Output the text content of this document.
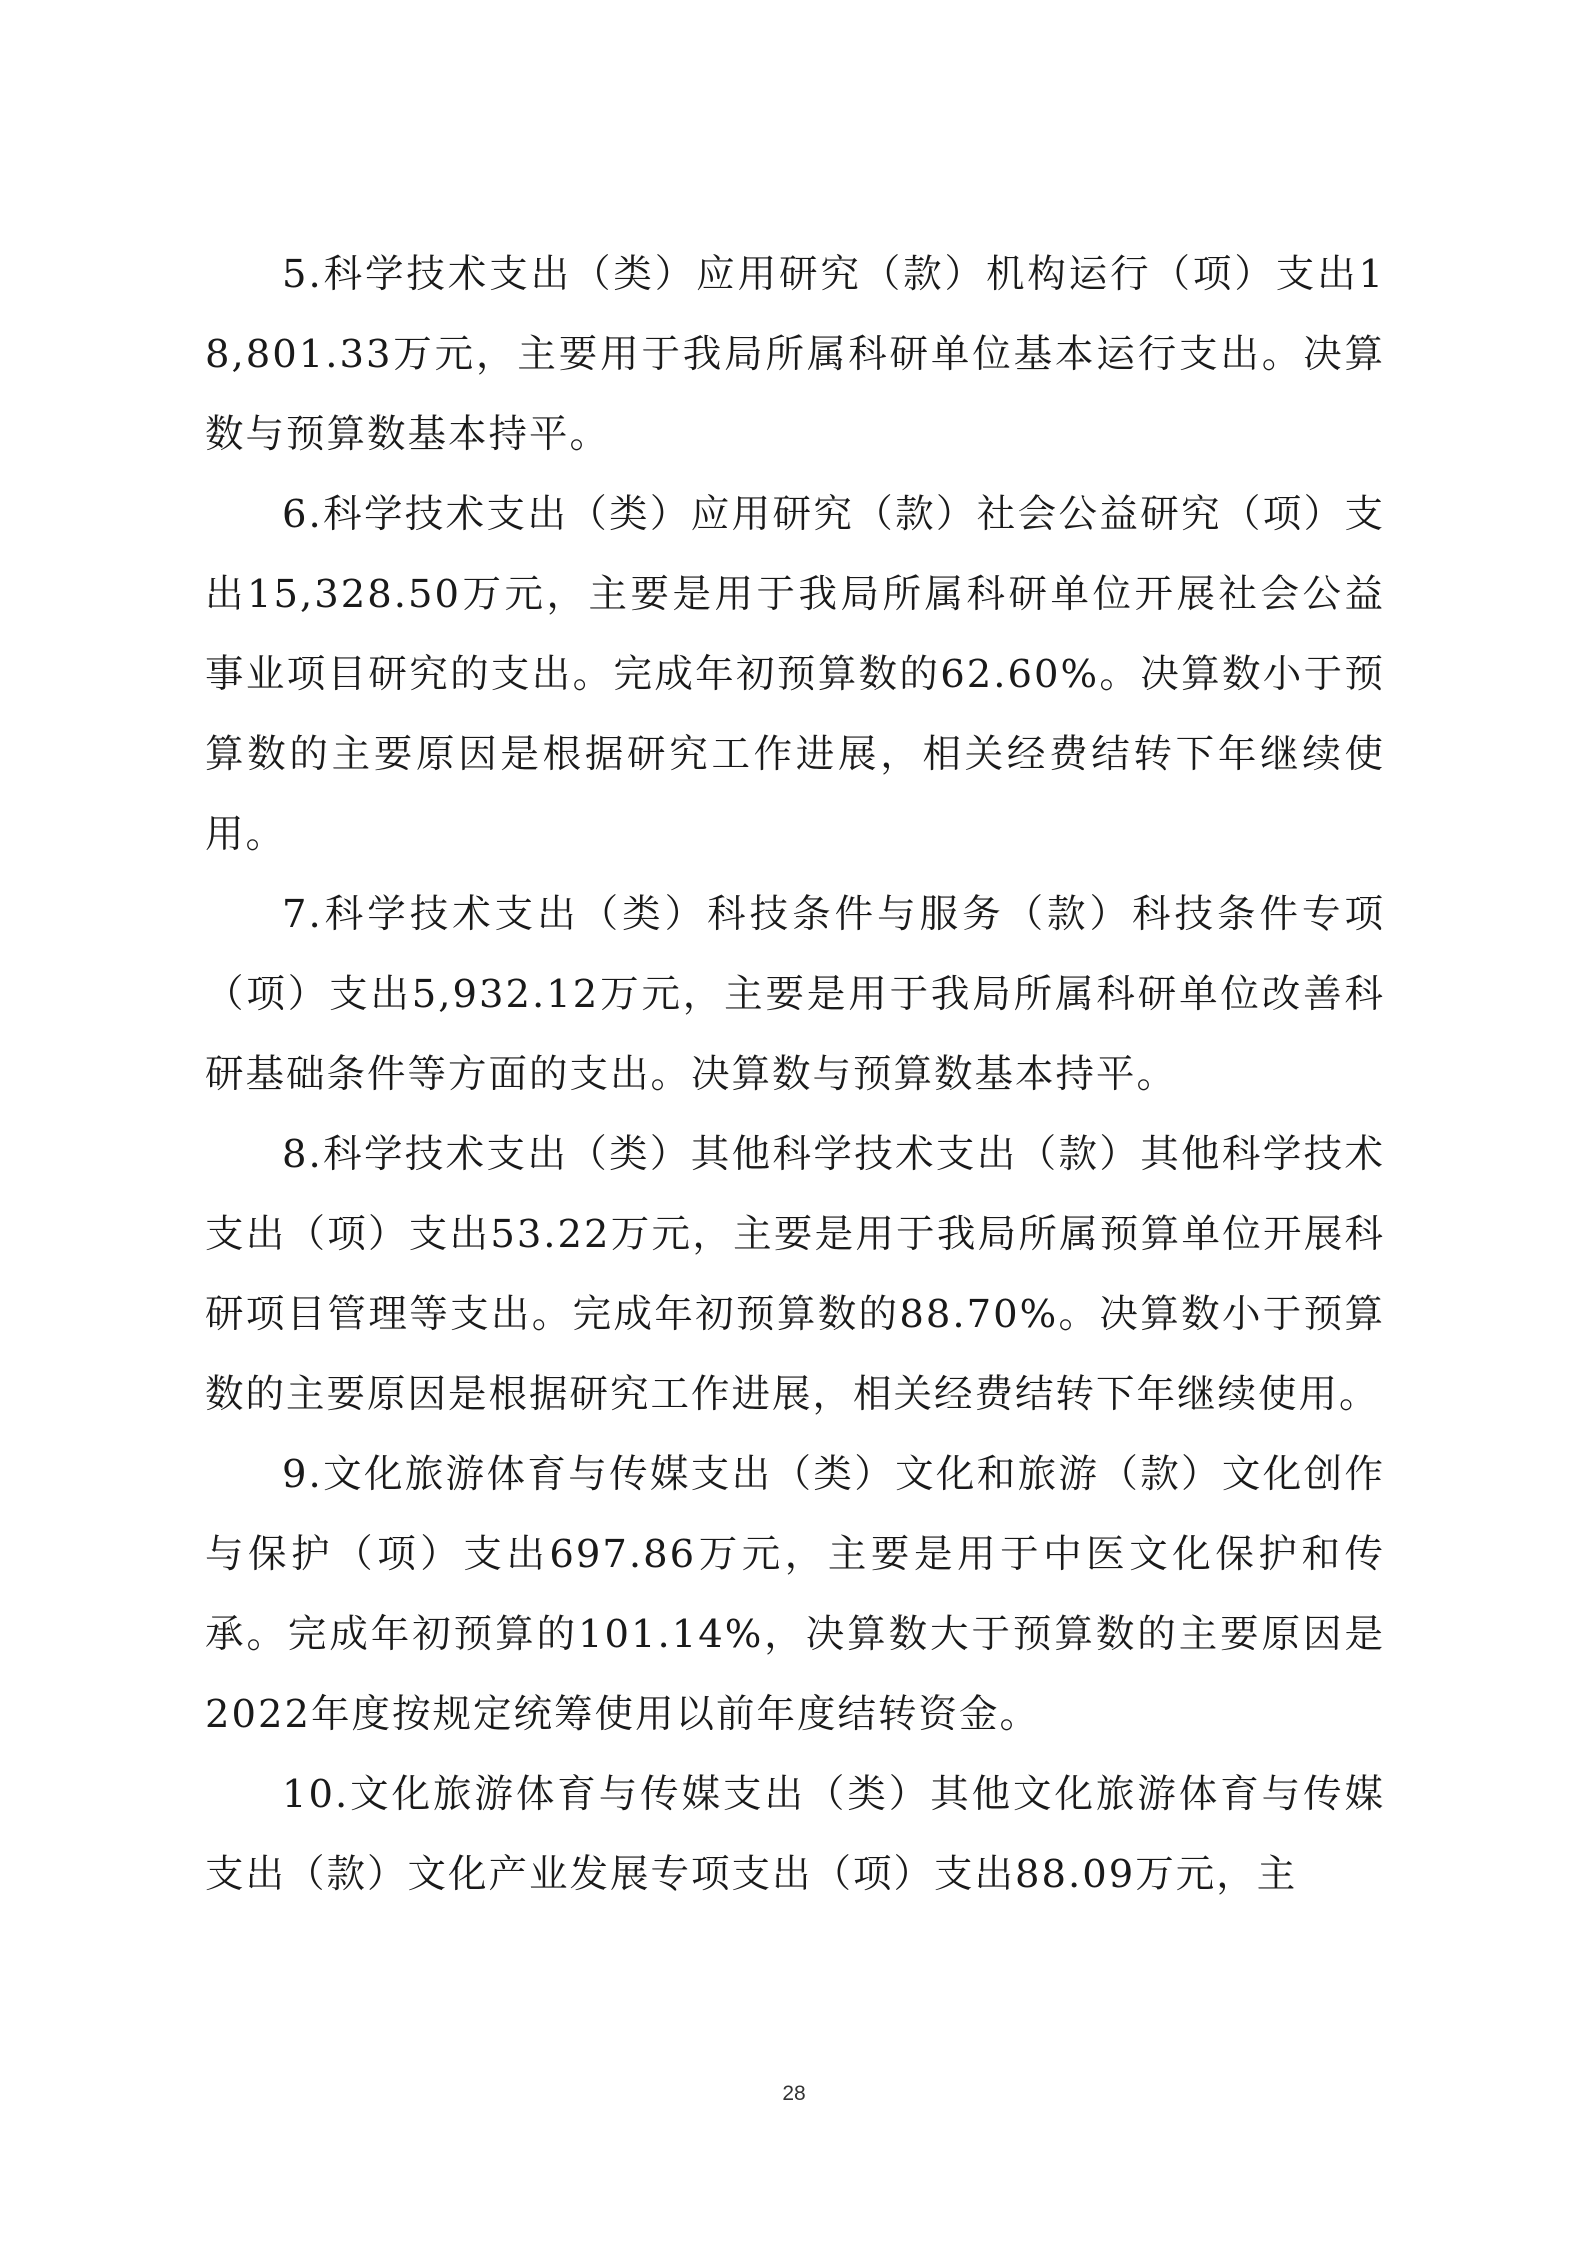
5.科学技术支出（类）应用研究（款）机构运行（项）支出18,801.33万元，主要用于我局所属科研单位基本运行支出。决算数与预算数基本持平。

6.科学技术支出（类）应用研究（款）社会公益研究（项）支出15,328.50万元，主要是用于我局所属科研单位开展社会公益事业项目研究的支出。完成年初预算数的62.60%。决算数小于预算数的主要原因是根据研究工作进展，相关经费结转下年继续使用。

7.科学技术支出（类）科技条件与服务（款）科技条件专项（项）支出5,932.12万元，主要是用于我局所属科研单位改善科研基础条件等方面的支出。决算数与预算数基本持平。

8.科学技术支出（类）其他科学技术支出（款）其他科学技术支出（项）支出53.22万元，主要是用于我局所属预算单位开展科研项目管理等支出。完成年初预算数的88.70%。决算数小于预算数的主要原因是根据研究工作进展，相关经费结转下年继续使用。

9.文化旅游体育与传媒支出（类）文化和旅游（款）文化创作与保护（项）支出697.86万元，主要是用于中医文化保护和传承。完成年初预算的101.14%，决算数大于预算数的主要原因是2022年度按规定统筹使用以前年度结转资金。

10.文化旅游体育与传媒支出（类）其他文化旅游体育与传媒支出（款）文化产业发展专项支出（项）支出88.09万元，主

28
